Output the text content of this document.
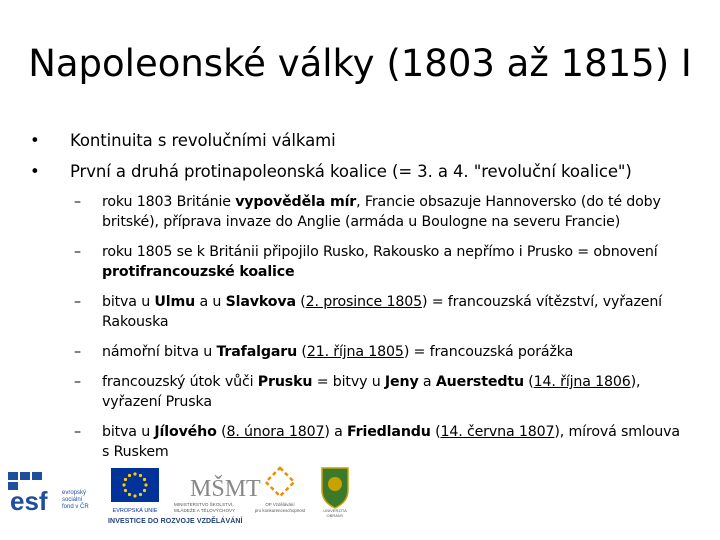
Napoleonské války (1803 až 1815) I
•	Kontinuita s revolučními válkami
•	První a druhá protinapoleonská koalice (= 3. a 4. "revoluční koalice")
– roku 1803 Británie vypověděla mír, Francie obsazuje Hannoversko (do té doby britské), příprava invaze do Anglie (armáda u Boulogne na severu Francie)
– roku 1805 se k Británii připojilo Rusko, Rakousko a nepřímo i Prusko = obnovení protifrancouzské koalice
– bitva u Ulmu a u Slavkova (2. prosince 1805) = francouzská vítězství, vyřazení Rakouska
– námořní bitva u Trafalgaru (21. října 1805) = francouzská porážka
– francouzský útok vůči Prusku = bitvy u Jeny a Auerstedtu (14. října 1806), vyřazení Pruska
– bitva u Jílového (8. února 1807) a Friedlandu (14. června 1807), mírová smlouva s Ruskem
esf evropský
sociální
fond v ČR
EVROPSKÁ UNIE
MŠMT
MINISTERSTVO ŠKOLSTVÍ,
MLÁDEŽE A TĚLOVÝCHOVY
OP Vzdělávání
pro konkurenceschopnost	UNIVERZITA
OBRANY
INVESTICE DO ROZVOJE VZDĚLÁVÁNÍ
